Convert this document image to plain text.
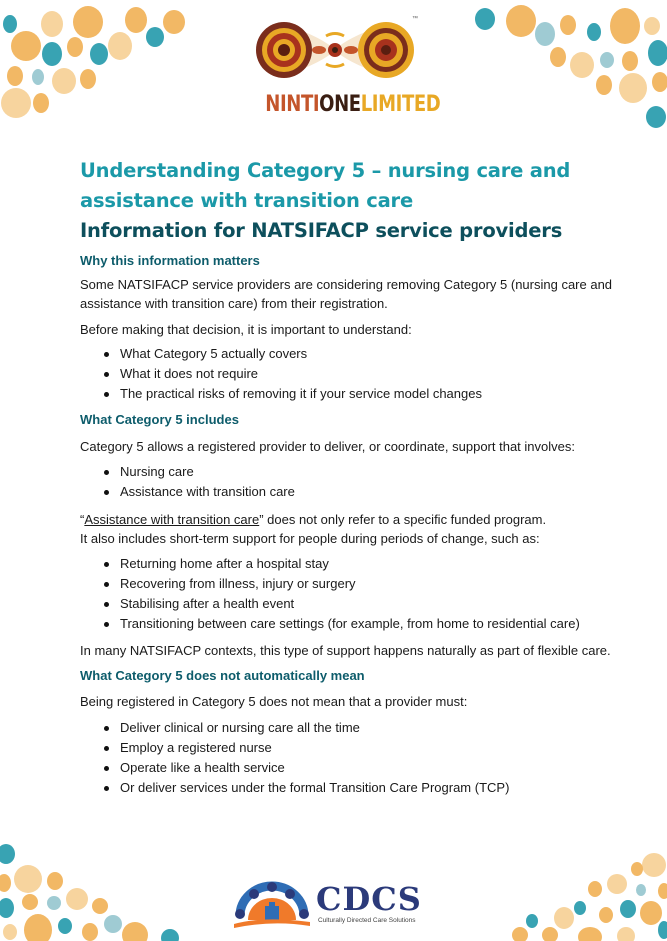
NINTIONELIMITED
™
Understanding Category 5 – nursing care and
assistance with transition care
Information for NATSIFACP service providers
Why this information matters

Some NATSIFACP service providers are considering removing Category 5 (nursing care and assistance with transition care) from their registration.

Before making that decision, it is important to understand:

What Category 5 actually covers
What it does not require
The practical risks of removing it if your service model changes
What Category 5 includes

Category 5 allows a registered provider to deliver, or coordinate, support that involves:

Nursing care
Assistance with transition care

“Assistance with transition care” does not only refer to a specific funded program.
It also includes short-term support for people during periods of change, such as:

Returning home after a hospital stay
Recovering from illness, injury or surgery
Stabilising after a health event
Transitioning between care settings (for example, from home to residential care)

In many NATSIFACP contexts, this type of support happens naturally as part of flexible care.

What Category 5 does not automatically mean

Being registered in Category 5 does not mean that a provider must:

Deliver clinical or nursing care all the time
Employ a registered nurse
Operate like a health service
Or deliver services under the formal Transition Care Program (TCP)
CDCS
Culturally Directed Care Solutions
